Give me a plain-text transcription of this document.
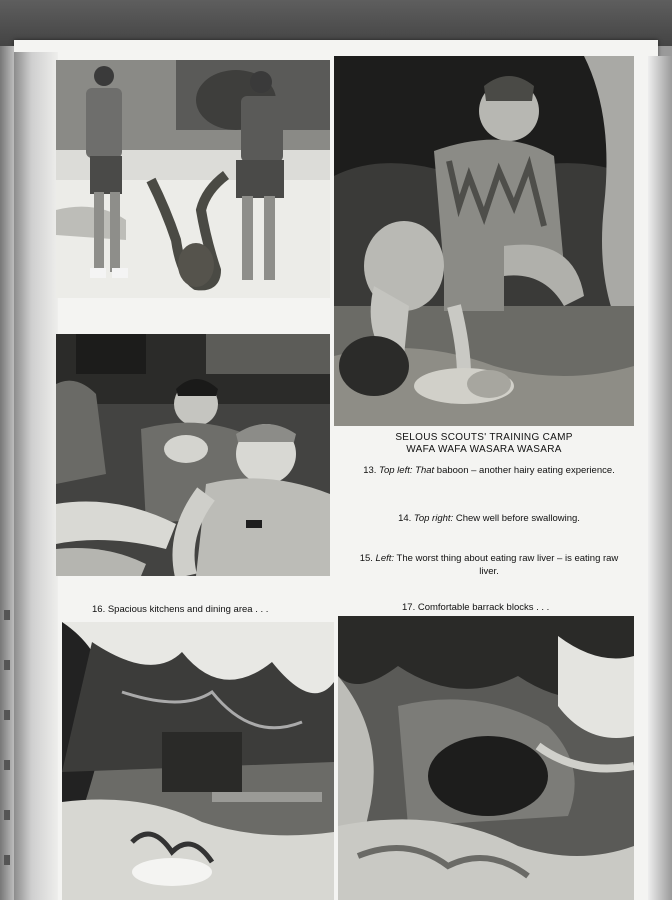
SELOUS SCOUTS' TRAINING CAMP
WAFA WAFA WASARA WASARA
13. Top left: That baboon – another hairy eating experience.
14. Top right: Chew well before swallowing.
15. Left: The worst thing about eating raw liver – is eating raw liver.
16. Spacious kitchens and dining area . . .	17. Comfortable barrack blocks . . .
